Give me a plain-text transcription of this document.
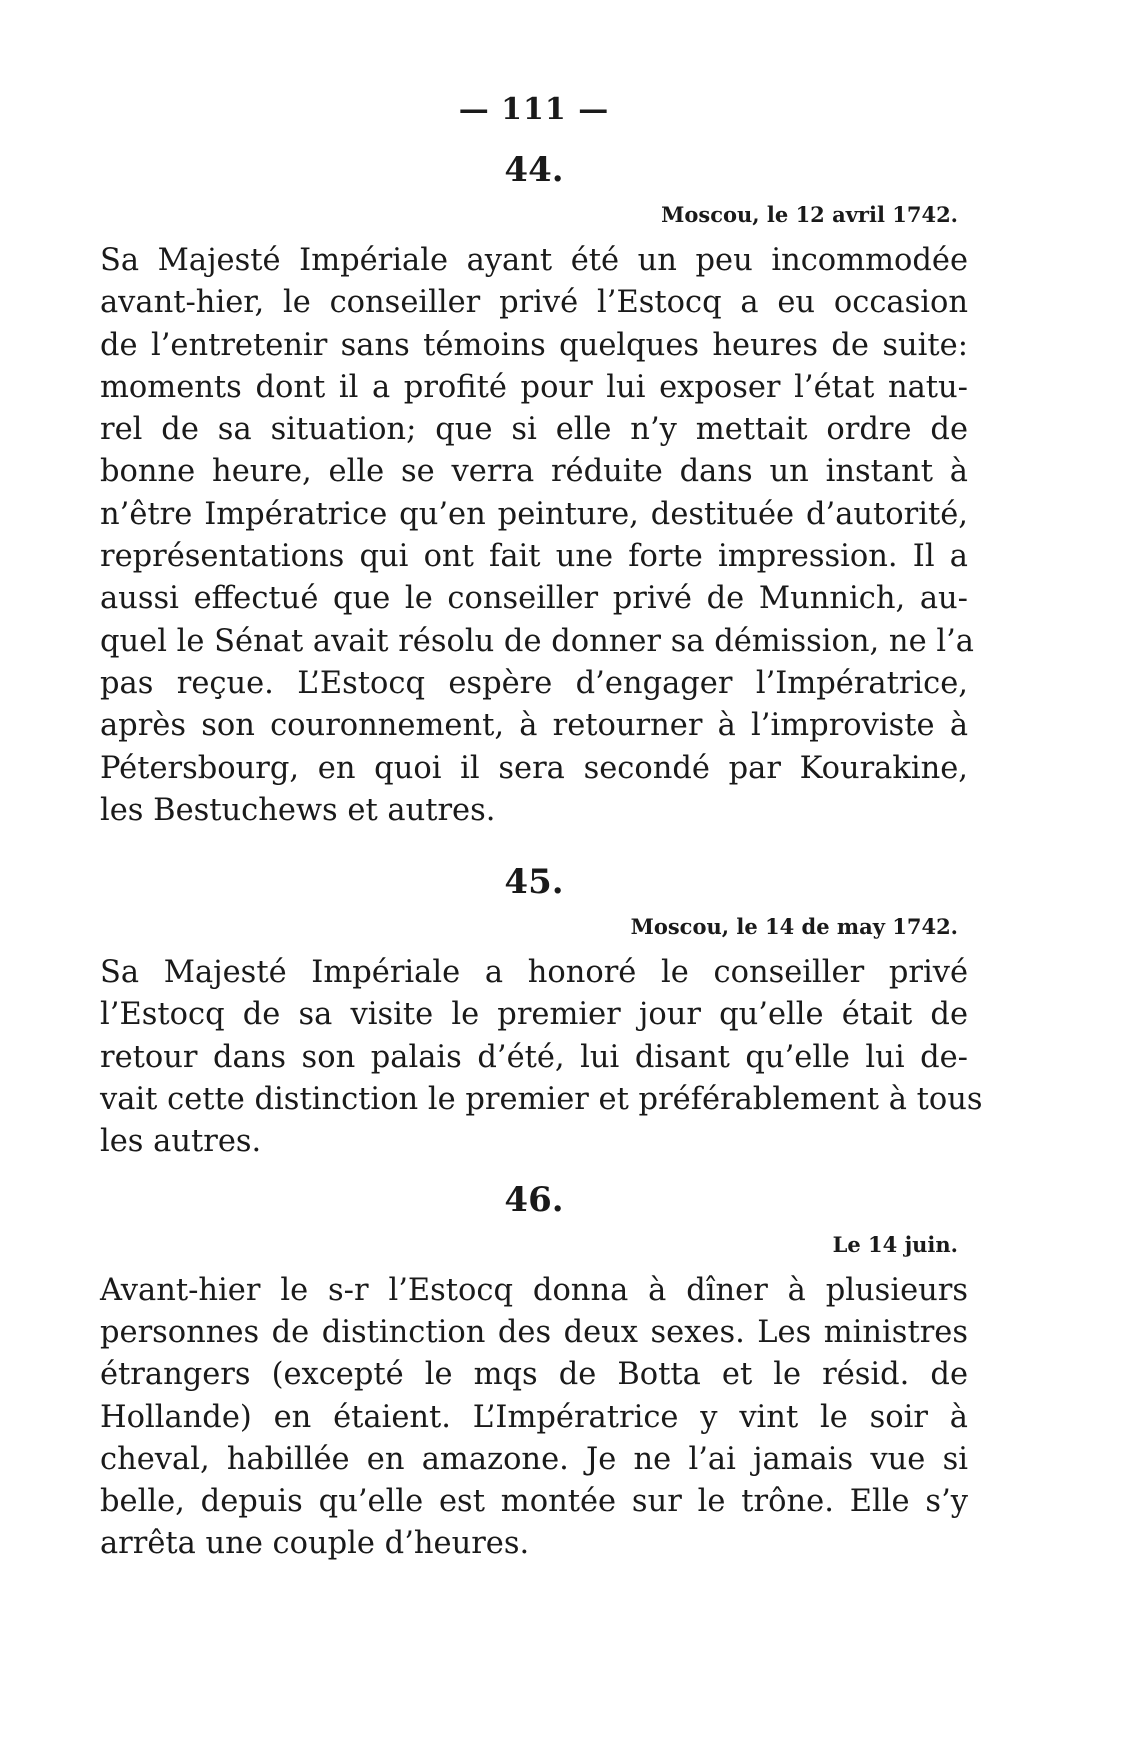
— 111 —
44.
Moscou, le 12 avril 1742.

Sa Majesté Impériale ayant été un peu incommodée
avant-hier, le conseiller privé l’Estocq a eu occasion
de l’entretenir sans témoins quelques heures de suite:
moments dont il a profité pour lui exposer l’état natu-
rel de sa situation; que si elle n’y mettait ordre de
bonne heure, elle se verra réduite dans un instant à
n’être Impératrice qu’en peinture, destituée d’autorité,
représentations qui ont fait une forte impression. Il a
aussi effectué que le conseiller privé de Munnich, au-
quel le Sénat avait résolu de donner sa démission, ne l’a
pas reçue. L’Estocq espère d’engager l’Impératrice,
après son couronnement, à retourner à l’improviste à
Pétersbourg, en quoi il sera secondé par Kourakine,
les Bestuchews et autres.

45.
Moscou, le 14 de may 1742.

Sa Majesté Impériale a honoré le conseiller privé
l’Estocq de sa visite le premier jour qu’elle était de
retour dans son palais d’été, lui disant qu’elle lui de-
vait cette distinction le premier et préférablement à tous
les autres.

46.
Le 14 juin.

Avant-hier le s-r l’Estocq donna à dîner à plusieurs
personnes de distinction des deux sexes. Les ministres
étrangers (excepté le mqs de Botta et le résid. de
Hollande) en étaient. L’Impératrice y vint le soir à
cheval, habillée en amazone. Je ne l’ai jamais vue si
belle, depuis qu’elle est montée sur le trône. Elle s’y
arrêta une couple d’heures.
